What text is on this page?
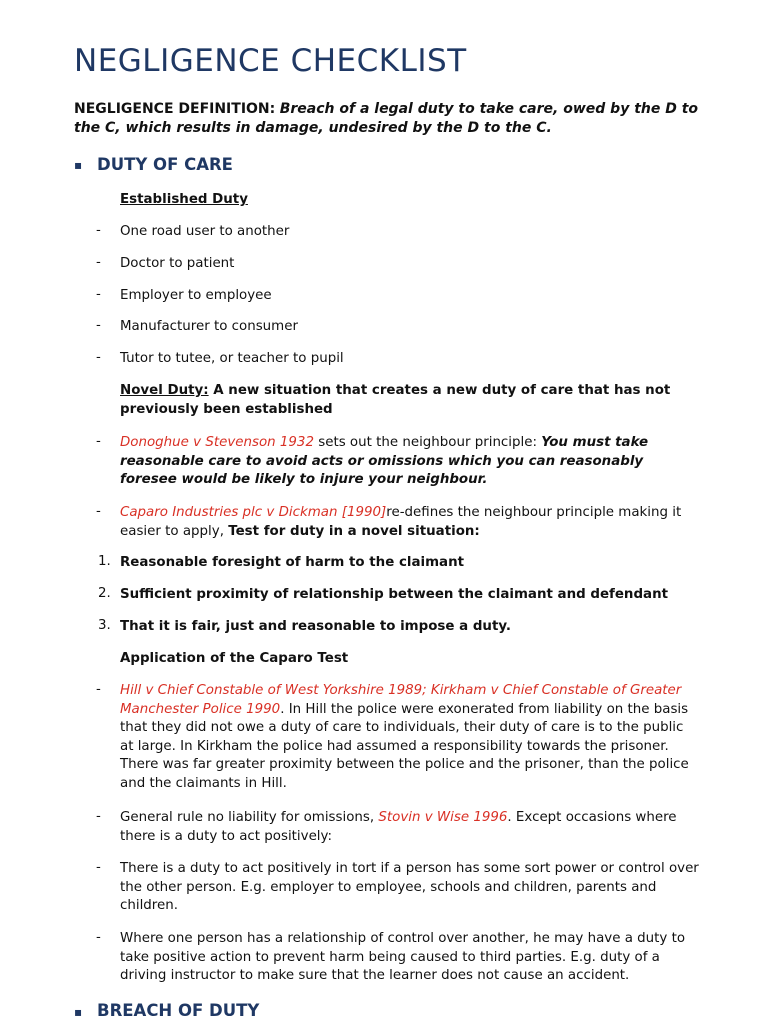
NEGLIGENCE CHECKLIST
NEGLIGENCE DEFINITION: Breach of a legal duty to take care, owed by the D to the C, which results in damage, undesired by the D to the C.
▪ DUTY OF CARE
Established Duty
- One road user to another
- Doctor to patient
- Employer to employee
- Manufacturer to consumer
- Tutor to tutee, or teacher to pupil
Novel Duty: A new situation that creates a new duty of care that has not previously been established
- Donoghue v Stevenson 1932 sets out the neighbour principle: You must take reasonable care to avoid acts or omissions which you can reasonably foresee would be likely to injure your neighbour.
- Caparo Industries plc v Dickman [1990]re-defines the neighbour principle making it easier to apply, Test for duty in a novel situation:
1. Reasonable foresight of harm to the claimant
2. Sufficient proximity of relationship between the claimant and defendant
3. That it is fair, just and reasonable to impose a duty.
Application of the Caparo Test
- Hill v Chief Constable of West Yorkshire 1989; Kirkham v Chief Constable of Greater Manchester Police 1990. In Hill the police were exonerated from liability on the basis that they did not owe a duty of care to individuals, their duty of care is to the public at large. In Kirkham the police had assumed a responsibility towards the prisoner. There was far greater proximity between the police and the prisoner, than the police and the claimants in Hill.
- General rule no liability for omissions, Stovin v Wise 1996. Except occasions where there is a duty to act positively:
- There is a duty to act positively in tort if a person has some sort power or control over the other person. E.g. employer to employee, schools and children, parents and children.
- Where one person has a relationship of control over another, he may have a duty to take positive action to prevent harm being caused to third parties. E.g. duty of a driving instructor to make sure that the learner does not cause an accident.
▪ BREACH OF DUTY
